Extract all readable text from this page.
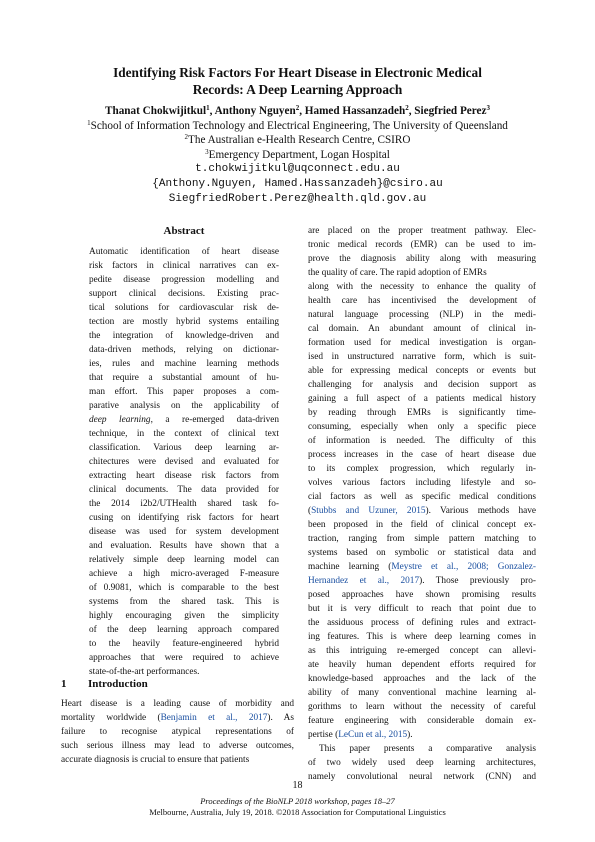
Identifying Risk Factors For Heart Disease in Electronic Medical
Records: A Deep Learning Approach
Thanat Chokwijitkul$^1$, Anthony Nguyen$^2$, Hamed Hassanzadeh$^2$, Siegfried Perez$^3$
$^1$School of Information Technology and Electrical Engineering, The University of Queensland
$^2$The Australian e-Health Research Centre, CSIRO
$^3$Emergency Department, Logan Hospital
t.chokwijitkul@uqconnect.edu.au
{Anthony.Nguyen, Hamed.Hassanzadeh}@csiro.au
SiegfriedRobert.Perez@health.qld.gov.au
Abstract
Automatic identification of heart disease
risk factors in clinical narratives can ex-
pedite disease progression modelling and
support clinical decisions. Existing prac-
tical solutions for cardiovascular risk de-
tection are mostly hybrid systems entailing
the integration of knowledge-driven and
data-driven methods, relying on dictionar-
ies, rules and machine learning methods
that require a substantial amount of hu-
man effort. This paper proposes a com-
parative analysis on the applicability of
deep learning, a re-emerged data-driven
technique, in the context of clinical text
classification. Various deep learning ar-
chitectures were devised and evaluated for
extracting heart disease risk factors from
clinical documents. The data provided for
the 2014 i2b2/UTHealth shared task fo-
cusing on identifying risk factors for heart
disease was used for system development
and evaluation. Results have shown that a
relatively simple deep learning model can
achieve a high micro-averaged F-measure
of 0.9081, which is comparable to the best
systems from the shared task. This is
highly encouraging given the simplicity
of the deep learning approach compared
to the heavily feature-engineered hybrid
approaches that were required to achieve
state-of-the-art performances.
1 Introduction
Heart disease is a leading cause of morbidity and
mortality worldwide (Benjamin et al., 2017). As
failure to recognise atypical representations of
such serious illness may lead to adverse outcomes,
accurate diagnosis is crucial to ensure that patients
are placed on the proper treatment pathway. Elec-
tronic medical records (EMR) can be used to im-
prove the diagnosis ability along with measuring
the quality of care. The rapid adoption of EMRs
along with the necessity to enhance the quality of
health care has incentivised the development of
natural language processing (NLP) in the medi-
cal domain. An abundant amount of clinical in-
formation used for medical investigation is organ-
ised in unstructured narrative form, which is suit-
able for expressing medical concepts or events but
challenging for analysis and decision support as
gaining a full aspect of a patients medical history
by reading through EMRs is significantly time-
consuming, especially when only a specific piece
of information is needed. The difficulty of this
process increases in the case of heart disease due
to its complex progression, which regularly in-
volves various factors including lifestyle and so-
cial factors as well as specific medical conditions
(Stubbs and Uzuner, 2015). Various methods have
been proposed in the field of clinical concept ex-
traction, ranging from simple pattern matching to
systems based on symbolic or statistical data and
machine learning (Meystre et al., 2008; Gonzalez-
Hernandez et al., 2017). Those previously pro-
posed approaches have shown promising results
but it is very difficult to reach that point due to
the assiduous process of defining rules and extract-
ing features. This is where deep learning comes in
as this intriguing re-emerged concept can allevi-
ate heavily human dependent efforts required for
knowledge-based approaches and the lack of the
ability of many conventional machine learning al-
gorithms to learn without the necessity of careful
feature engineering with considerable domain ex-
pertise (LeCun et al., 2015).
This paper presents a comparative analysis
of two widely used deep learning architectures,
namely convolutional neural network (CNN) and
18
Proceedings of the BioNLP 2018 workshop, pages 18–27
Melbourne, Australia, July 19, 2018. ©2018 Association for Computational Linguistics
